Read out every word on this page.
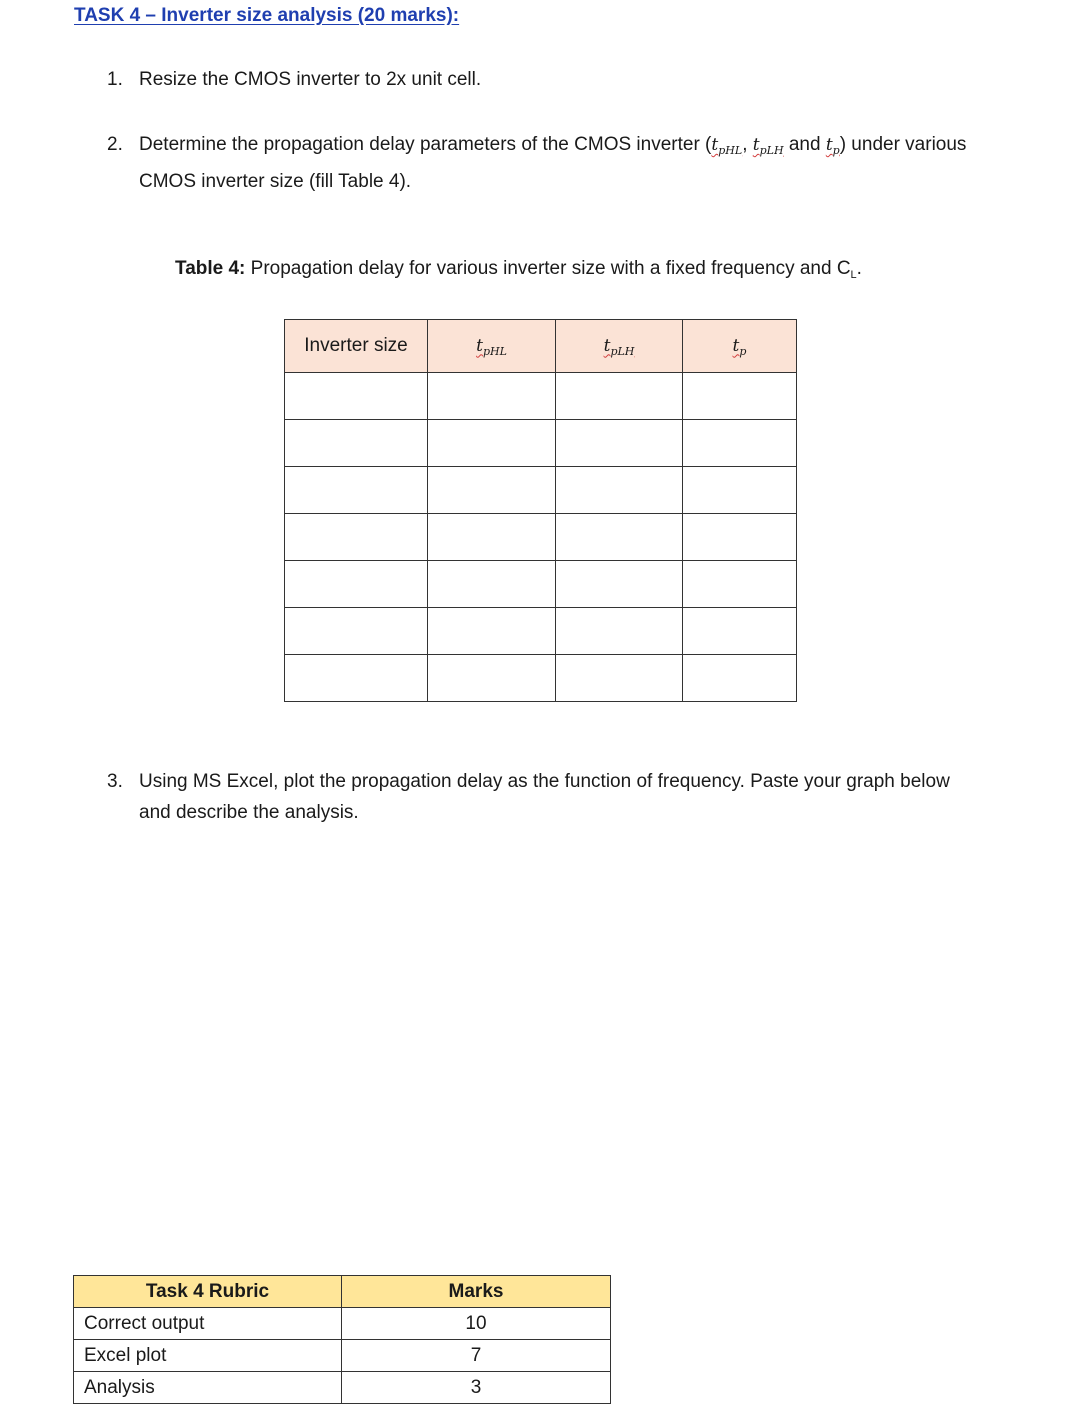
TASK 4 – Inverter size analysis (20 marks):
1. Resize the CMOS inverter to 2x unit cell.
2. Determine the propagation delay parameters of the CMOS inverter ($t_{pHL}$, $t_{pLH}$ and $t_p$) under various
CMOS inverter size (fill Table 4).
Table 4: Propagation delay for various inverter size with a fixed frequency and $C_L$.
Inverter size	$t_{pHL}$	$t_{pLH}$	$t_p$

3. Using MS Excel, plot the propagation delay as the function of frequency. Paste your graph below
and describe the analysis.
Task 4 Rubric	Marks
Correct output	10
Excel plot	7
Analysis	3
